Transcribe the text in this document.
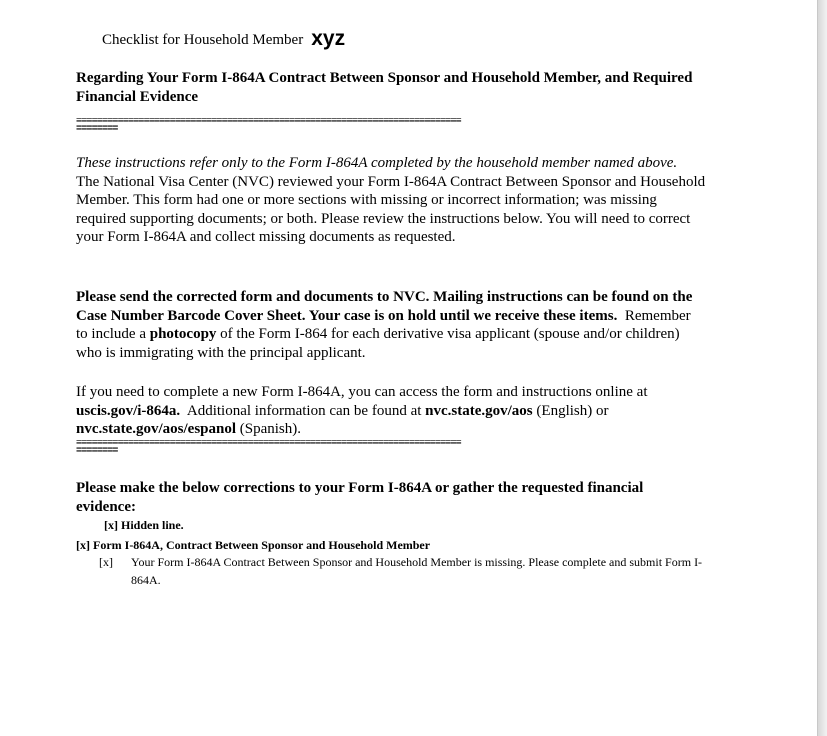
Checklist for Household Member xyz
Regarding Your Form I-864A Contract Between Sponsor and Household Member, and Required Financial Evidence
==========================================================================
========
These instructions refer only to the Form I-864A completed by the household member named above.  The National Visa Center (NVC) reviewed your Form I-864A Contract Between Sponsor and Household Member. This form had one or more sections with missing or incorrect information; was missing required supporting documents; or both. Please review the instructions below. You will need to correct your Form I-864A and collect missing documents as requested.
Please send the corrected form and documents to NVC. Mailing instructions can be found on the Case Number Barcode Cover Sheet. Your case is on hold until we receive these items. Remember to include a photocopy of the Form I-864 for each derivative visa applicant (spouse and/or children) who is immigrating with the principal applicant.
If you need to complete a new Form I-864A, you can access the form and instructions online at uscis.gov/i-864a. Additional information can be found at nvc.state.gov/aos (English) or nvc.state.gov/aos/espanol (Spanish).
==========================================================================
========
Please make the below corrections to your Form I-864A or gather the requested financial evidence:
[x] Hidden line.
[x] Form I-864A, Contract Between Sponsor and Household Member
[x] Your Form I-864A Contract Between Sponsor and Household Member is missing. Please complete and submit Form I-864A.
